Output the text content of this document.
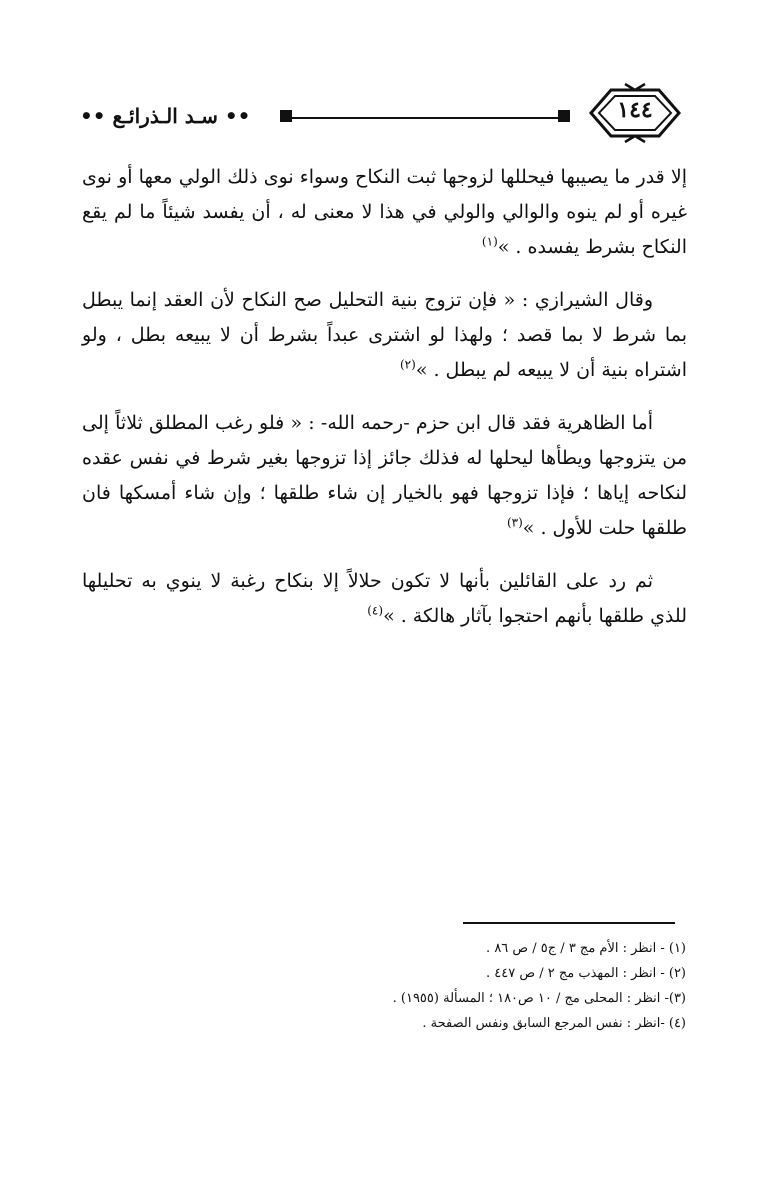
•• سـد الـذرائـع ••	١٤٤

إلا قدر ما يصيبها فيحللها لزوجها ثبت النكاح وسواء نوى ذلك الولي معها أو نوى غيره أو لم ينوه والوالي والولي في هذا لا معنى له ، أن يفسد شيئاً ما لم يقع النكاح بشرط يفسده . »$^{(١)}$

وقال الشيرازي : « فإن تزوج بنية التحليل صح النكاح لأن العقد إنما يبطل بما شرط لا بما قصد ؛ ولهذا لو اشترى عبداً بشرط أن لا يبيعه بطل ، ولو اشتراه بنية أن لا يبيعه لم يبطل . »$^{(٢)}$

أما الظاهرية فقد قال ابن حزم -رحمه الله- : « فلو رغب المطلق ثلاثاً إلى من يتزوجها ويطأها ليحلها له فذلك جائز إذا تزوجها بغير شرط في نفس عقده لنكاحه إياها ؛ فإذا تزوجها فهو بالخيار إن شاء طلقها ؛ وإن شاء أمسكها فان طلقها حلت للأول . »$^{(٣)}$

ثم رد على القائلين بأنها لا تكون حلالاً إلا بنكاح رغبة لا ينوي به تحليلها للذي طلقها بأنهم احتجوا بآثار هالكة . »$^{(٤)}$

(١) - انظر : الأم مج ٣ / ج٥ / ص ٨٦ .
(٢) - انظر : المهذب مج ٢ / ص ٤٤٧ .
(٣)- انظر : المحلى مج / ١٠ ص١٨٠ ؛ المسألة (١٩٥٥) .
(٤) -انظر : نفس المرجع السابق ونفس الصفحة .
